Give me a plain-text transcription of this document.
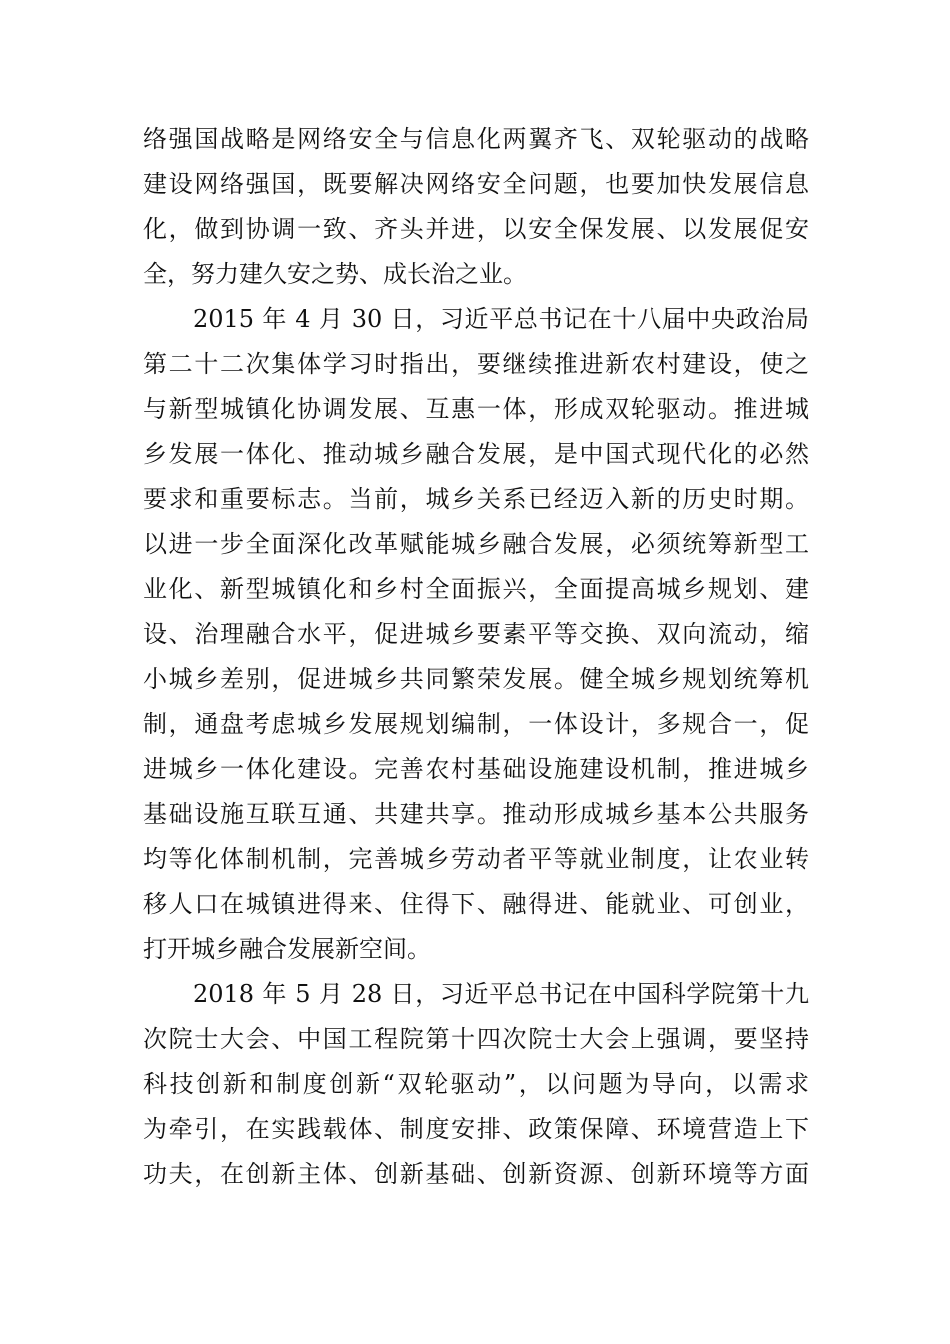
络强国战略是网络安全与信息化两翼齐飞、双轮驱动的战略
建设网络强国，既要解决网络安全问题，也要加快发展信息
化，做到协调一致、齐头并进，以安全保发展、以发展促安
全，努力建久安之势、成长治之业。
2015 年 4 月 30 日，习近平总书记在十八届中央政治局
第二十二次集体学习时指出，要继续推进新农村建设，使之
与新型城镇化协调发展、互惠一体，形成双轮驱动。推进城
乡发展一体化、推动城乡融合发展，是中国式现代化的必然
要求和重要标志。当前，城乡关系已经迈入新的历史时期。
以进一步全面深化改革赋能城乡融合发展，必须统筹新型工
业化、新型城镇化和乡村全面振兴，全面提高城乡规划、建
设、治理融合水平，促进城乡要素平等交换、双向流动，缩
小城乡差别，促进城乡共同繁荣发展。健全城乡规划统筹机
制，通盘考虑城乡发展规划编制，一体设计，多规合一，促
进城乡一体化建设。完善农村基础设施建设机制，推进城乡
基础设施互联互通、共建共享。推动形成城乡基本公共服务
均等化体制机制，完善城乡劳动者平等就业制度，让农业转
移人口在城镇进得来、住得下、融得进、能就业、可创业，
打开城乡融合发展新空间。
2018 年 5 月 28 日，习近平总书记在中国科学院第十九
次院士大会、中国工程院第十四次院士大会上强调，要坚持
科技创新和制度创新“双轮驱动”，以问题为导向，以需求
为牵引，在实践载体、制度安排、政策保障、环境营造上下
功夫，在创新主体、创新基础、创新资源、创新环境等方面
